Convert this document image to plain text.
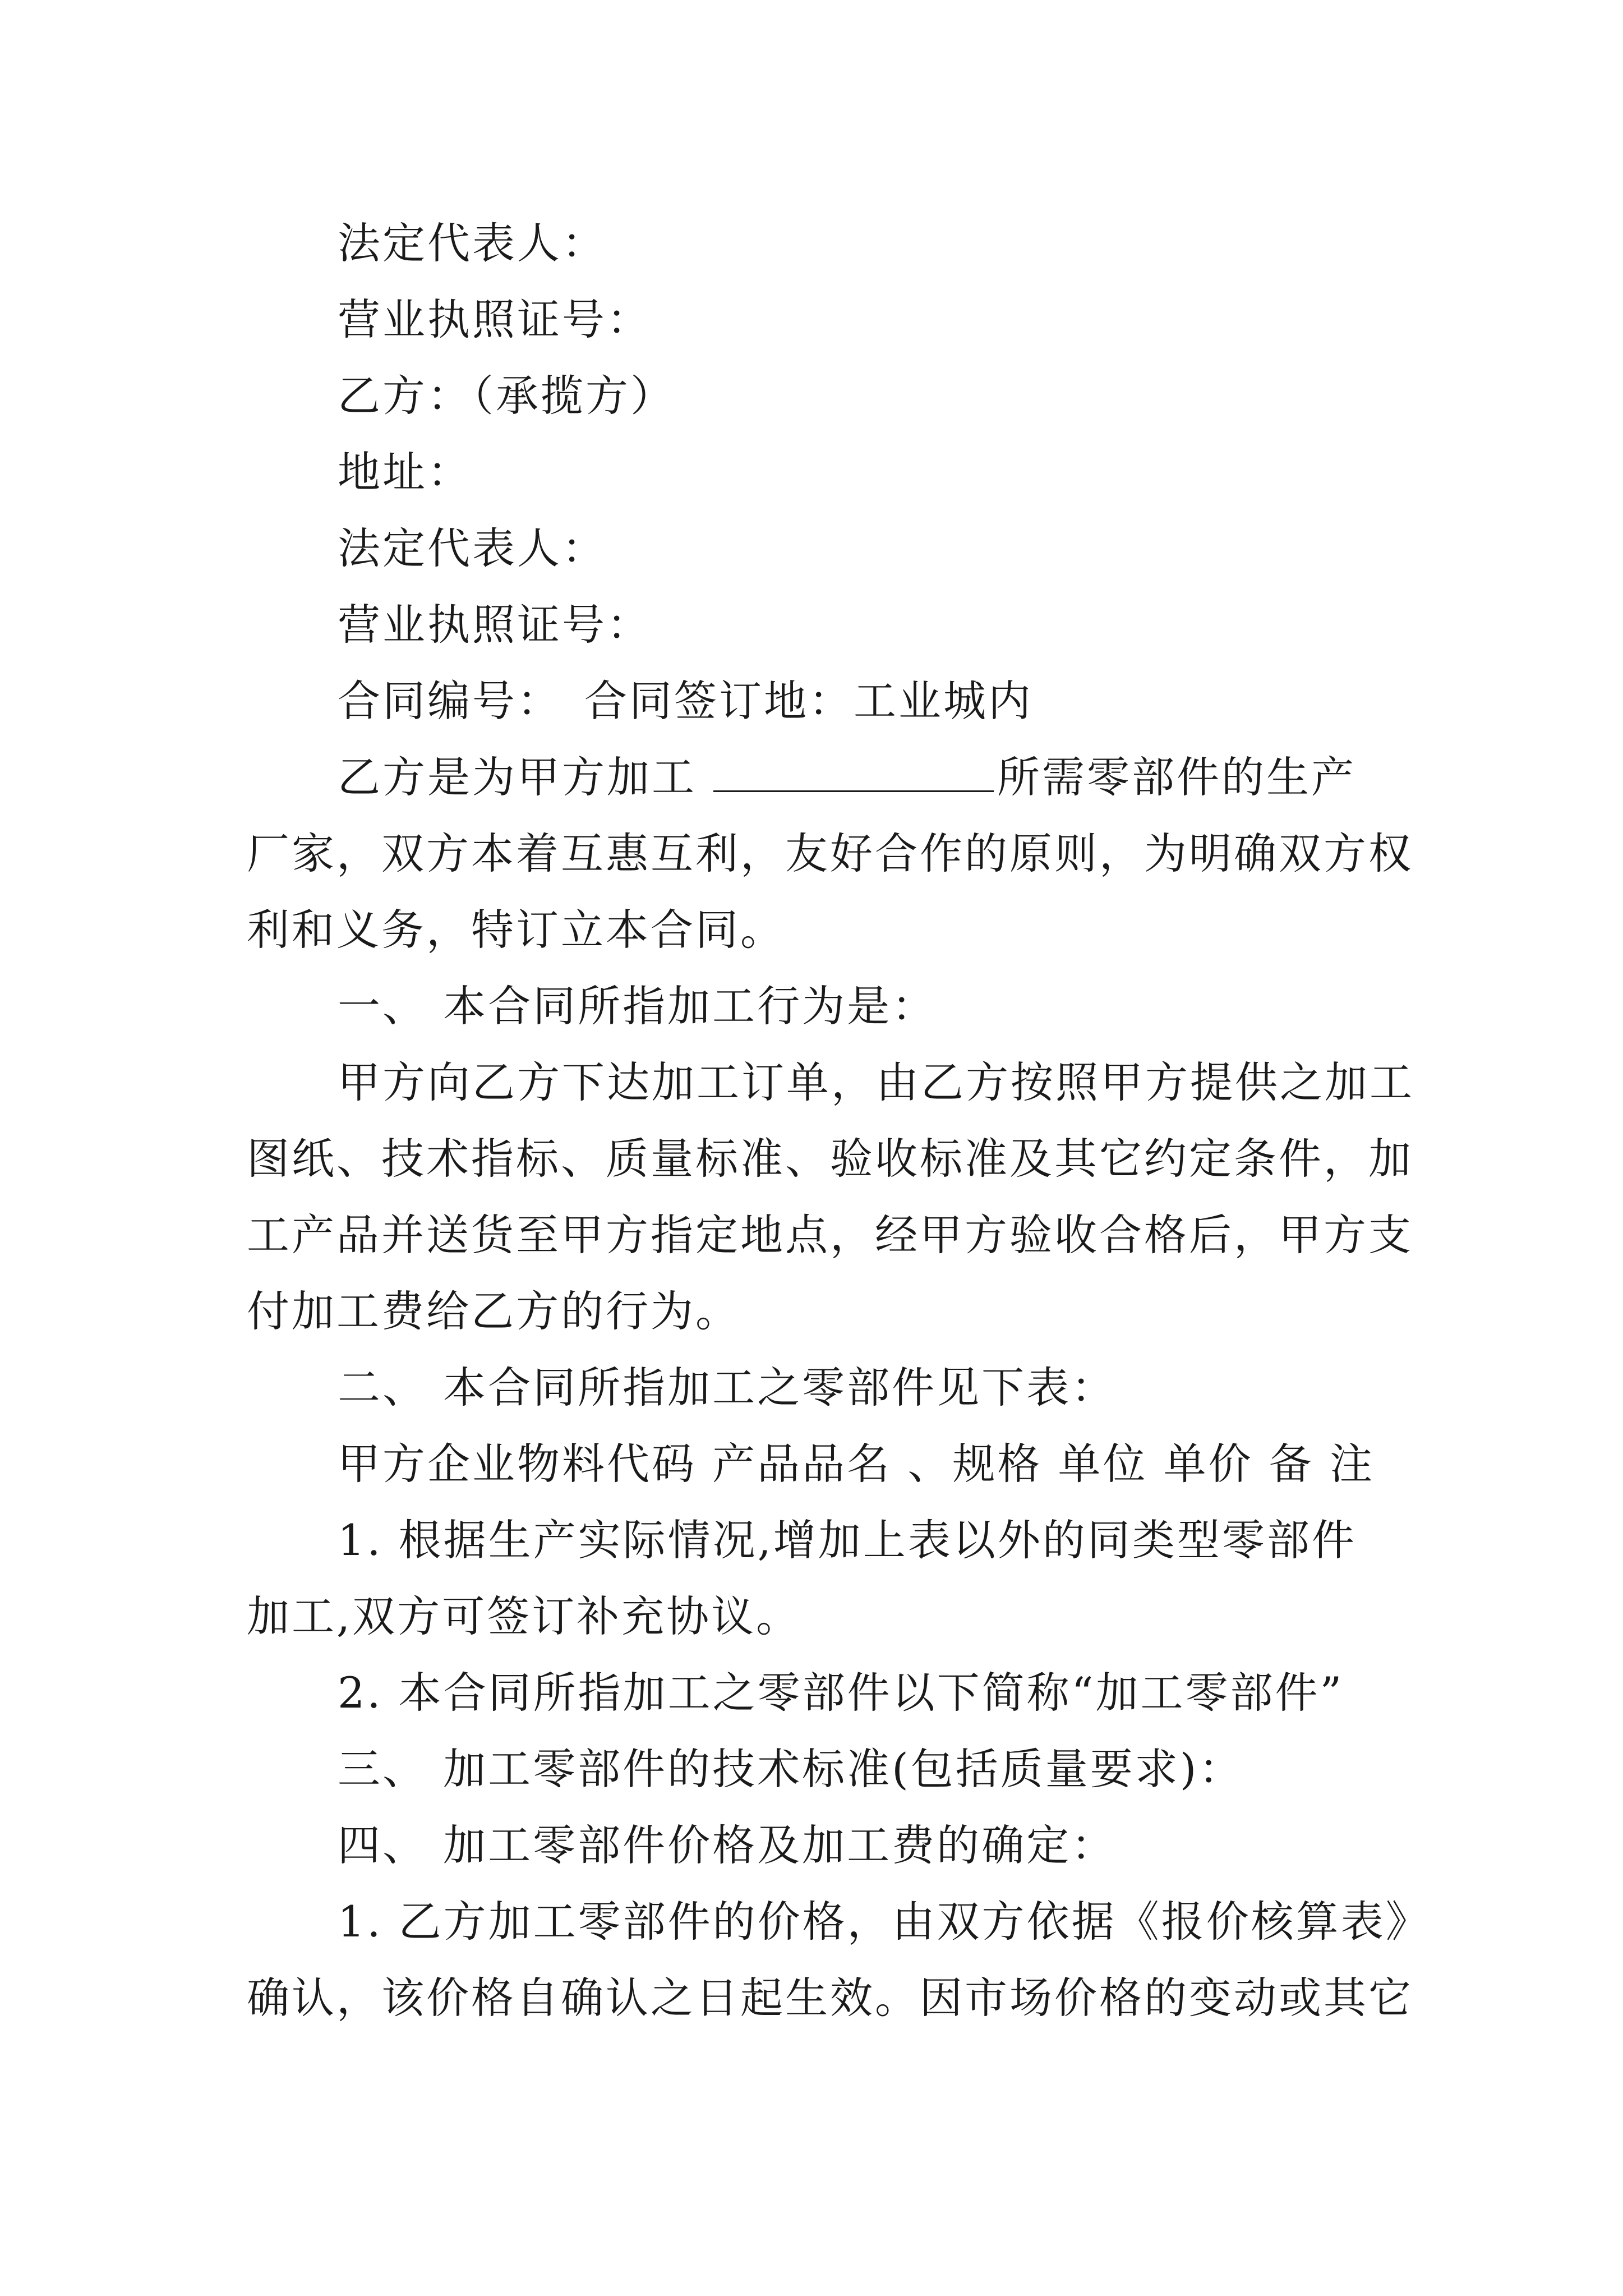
法定代表人：
营业执照证号：
乙方：（承揽方）
地址：
法定代表人：
营业执照证号：
合同编号： 合同签订地：工业城内
乙方是为甲方加工	所需零部件的生产
厂家，双方本着互惠互利，友好合作的原则，为明确双方权
利和义务，特订立本合同。
一、 本合同所指加工行为是：
甲方向乙方下达加工订单，由乙方按照甲方提供之加工
图纸、技术指标、质量标准、验收标准及其它约定条件，加
工产品并送货至甲方指定地点，经甲方验收合格后，甲方支
付加工费给乙方的行为。
二、 本合同所指加工之零部件见下表：
甲方企业物料代码 产品品名 、规格 单位 单价 备 注
1. 根据生产实际情况,增加上表以外的同类型零部件
加工,双方可签订补充协议。
2. 本合同所指加工之零部件以下简称“加工零部件”
三、 加工零部件的技术标准(包括质量要求)：
四、 加工零部件价格及加工费的确定：
1. 乙方加工零部件的价格，由双方依据《报价核算表》
确认，该价格自确认之日起生效。因市场价格的变动或其它
